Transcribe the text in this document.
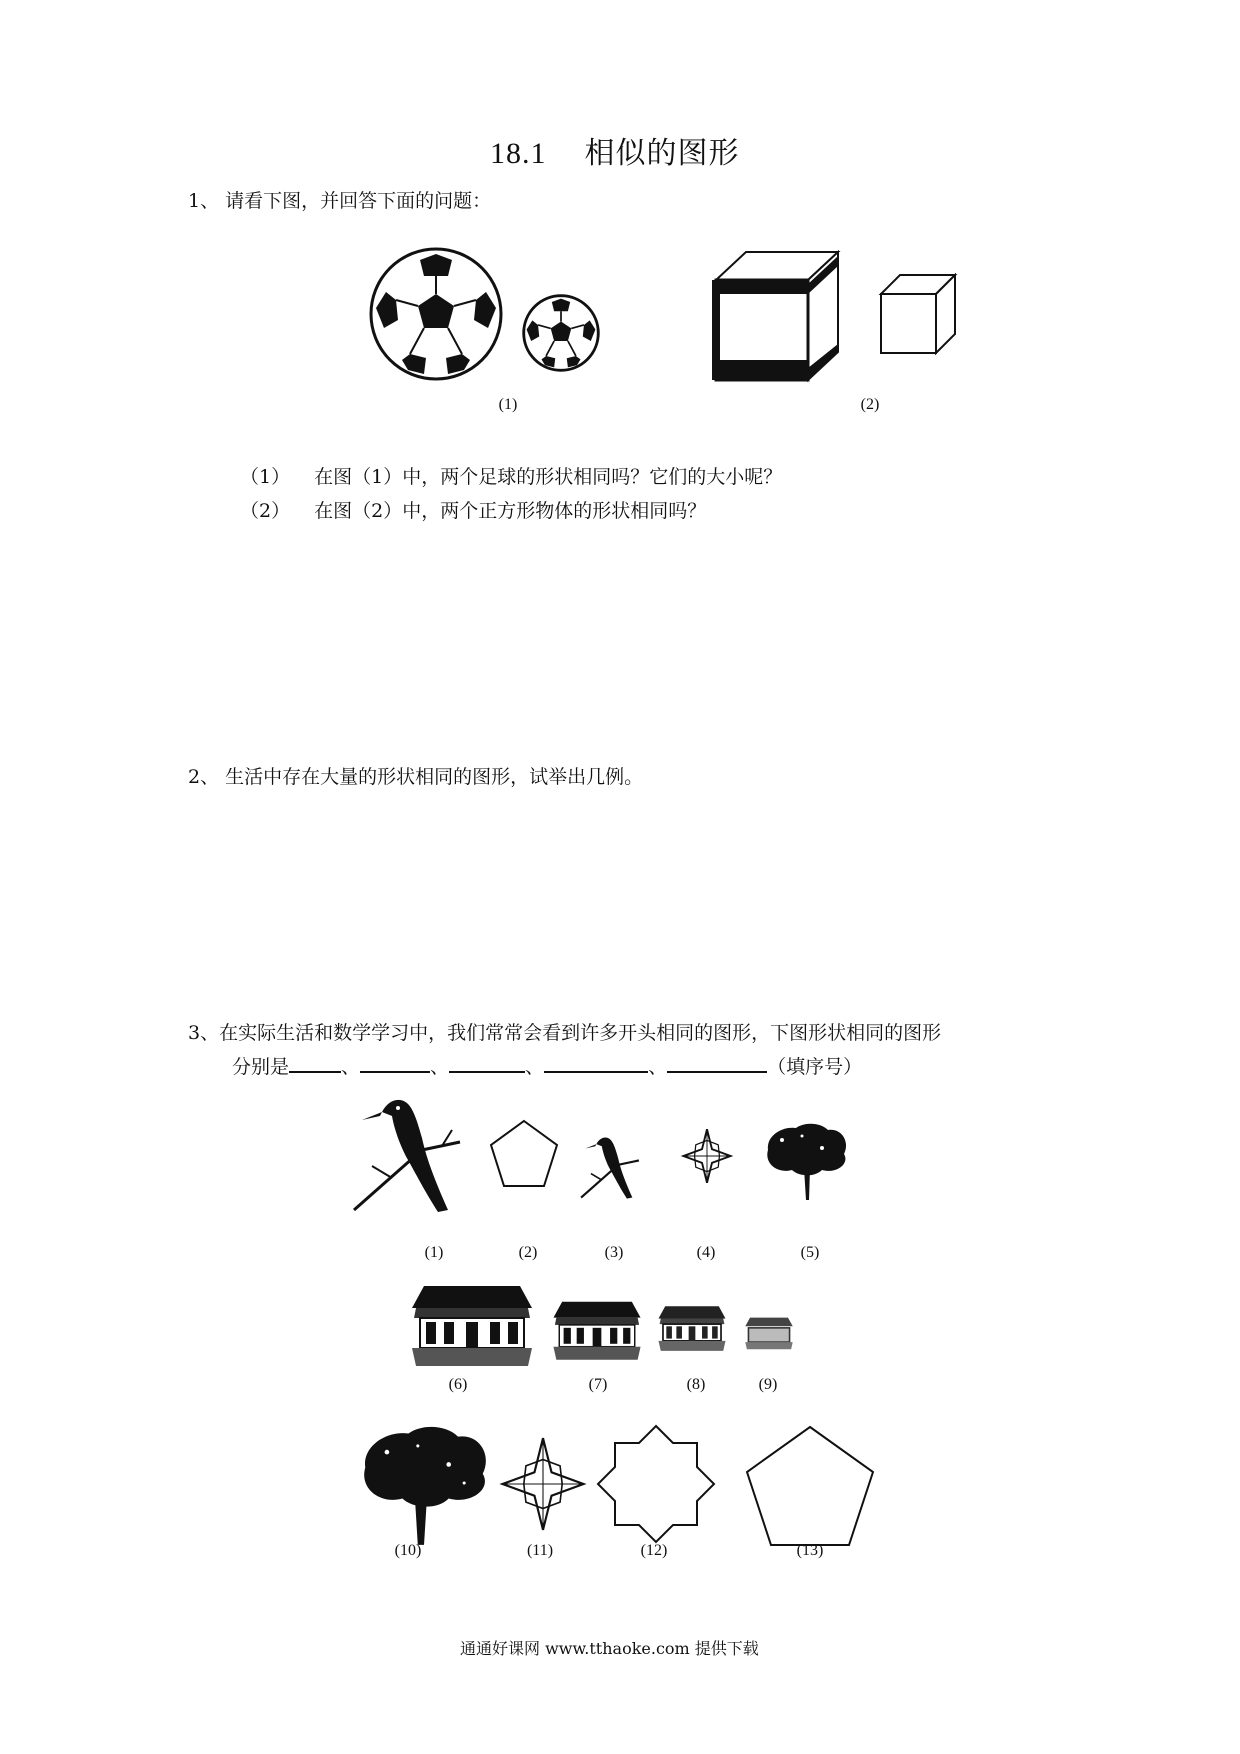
18.1 相似的图形
1、 请看下图，并回答下面的问题：
(1)	(2)
（1） 在图（1）中，两个足球的形状相同吗？它们的大小呢？
（2） 在图（2）中，两个正方形物体的形状相同吗？
2、 生活中存在大量的形状相同的图形，试举出几例。
3、在实际生活和数学学习中，我们常常会看到许多开头相同的图形，下图形状相同的图形
分别是	、	、	、	、	（填序号）
(1)	(2)	(3)	(4)	(5)
(6)	(7)	(8)	(9)
(10)	(11)	(12)	(13)
通通好课网 www.tthaoke.com 提供下载
